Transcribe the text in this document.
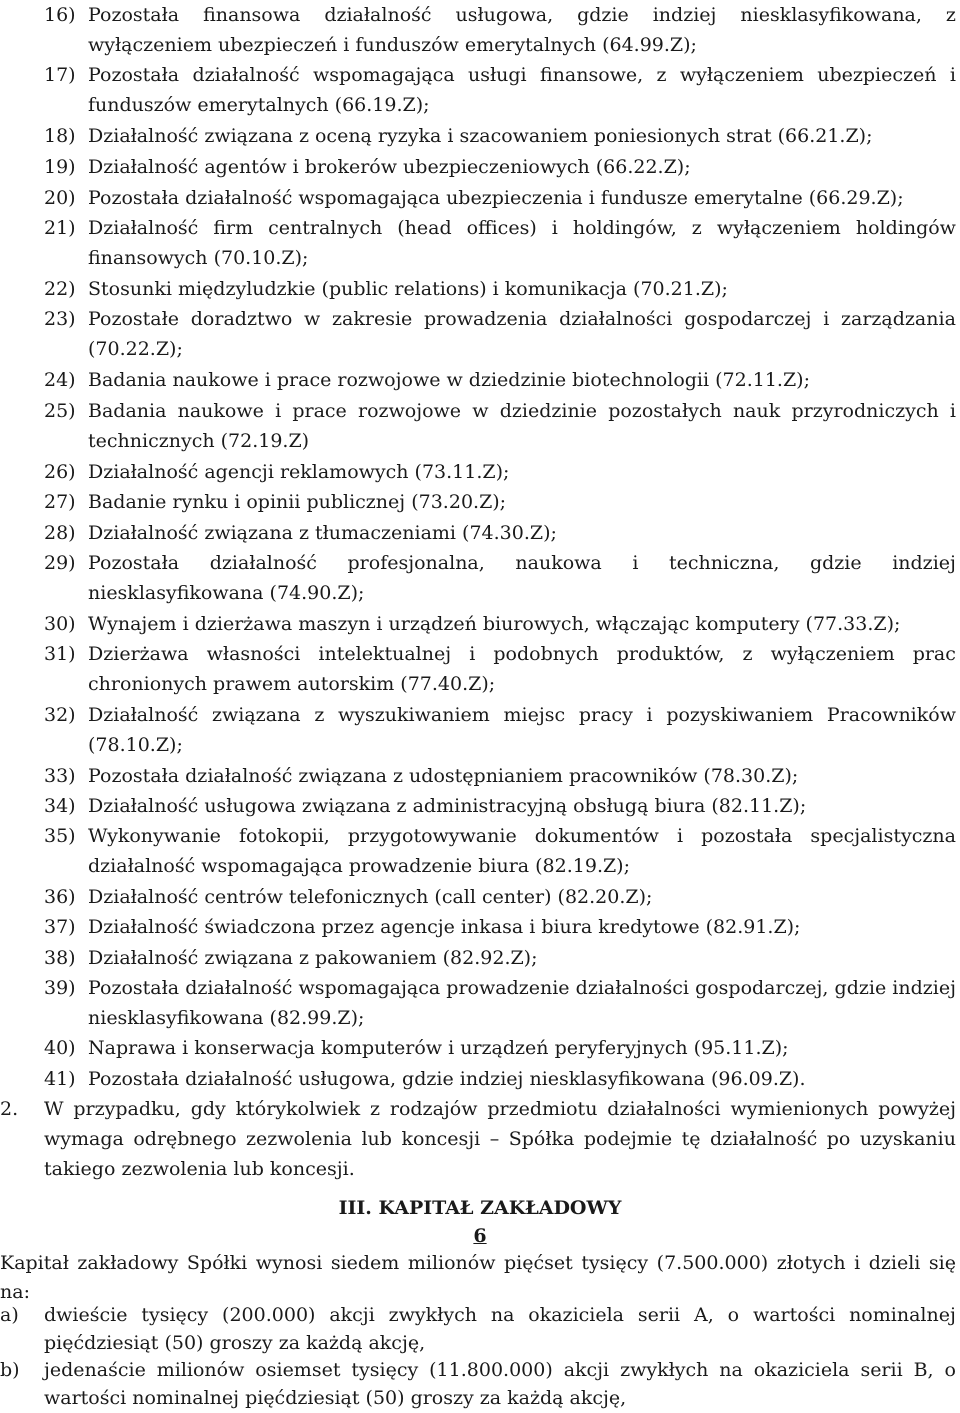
16) Pozostała finansowa działalność usługowa, gdzie indziej niesklasyfikowana, z
wyłączeniem ubezpieczeń i funduszów emerytalnych (64.99.Z);
17) Pozostała działalność wspomagająca usługi finansowe, z wyłączeniem ubezpieczeń i
funduszów emerytalnych (66.19.Z);
18) Działalność związana z oceną ryzyka i szacowaniem poniesionych strat (66.21.Z);
19) Działalność agentów i brokerów ubezpieczeniowych (66.22.Z);
20) Pozostała działalność wspomagająca ubezpieczenia i fundusze emerytalne (66.29.Z);
21) Działalność firm centralnych (head offices) i holdingów, z wyłączeniem holdingów
finansowych (70.10.Z);
22) Stosunki międzyludzkie (public relations) i komunikacja (70.21.Z);
23) Pozostałe doradztwo w zakresie prowadzenia działalności gospodarczej i zarządzania
(70.22.Z);
24) Badania naukowe i prace rozwojowe w dziedzinie biotechnologii (72.11.Z);
25) Badania naukowe i prace rozwojowe w dziedzinie pozostałych nauk przyrodniczych i
technicznych (72.19.Z)
26) Działalność agencji reklamowych (73.11.Z);
27) Badanie rynku i opinii publicznej (73.20.Z);
28) Działalność związana z tłumaczeniami (74.30.Z);
29) Pozostała działalność profesjonalna, naukowa i techniczna, gdzie indziej
niesklasyfikowana (74.90.Z);
30) Wynajem i dzierżawa maszyn i urządzeń biurowych, włączając komputery (77.33.Z);
31) Dzierżawa własności intelektualnej i podobnych produktów, z wyłączeniem prac
chronionych prawem autorskim (77.40.Z);
32) Działalność związana z wyszukiwaniem miejsc pracy i pozyskiwaniem Pracowników
(78.10.Z);
33) Pozostała działalność związana z udostępnianiem pracowników (78.30.Z);
34) Działalność usługowa związana z administracyjną obsługą biura (82.11.Z);
35) Wykonywanie fotokopii, przygotowywanie dokumentów i pozostała specjalistyczna
działalność wspomagająca prowadzenie biura (82.19.Z);
36) Działalność centrów telefonicznych (call center) (82.20.Z);
37) Działalność świadczona przez agencje inkasa i biura kredytowe (82.91.Z);
38) Działalność związana z pakowaniem (82.92.Z);
39) Pozostała działalność wspomagająca prowadzenie działalności gospodarczej, gdzie indziej
niesklasyfikowana (82.99.Z);
40) Naprawa i konserwacja komputerów i urządzeń peryferyjnych (95.11.Z);
41) Pozostała działalność usługowa, gdzie indziej niesklasyfikowana (96.09.Z).
2. W przypadku, gdy którykolwiek z rodzajów przedmiotu działalności wymienionych powyżej
wymaga odrębnego zezwolenia lub koncesji – Spółka podejmie tę działalność po uzyskaniu
takiego zezwolenia lub koncesji.
III. KAPITAŁ ZAKŁADOWY
6
Kapitał zakładowy Spółki wynosi siedem milionów pięćset tysięcy (7.500.000) złotych i dzieli się
na:
a) dwieście tysięcy (200.000) akcji zwykłych na okaziciela serii A, o wartości nominalnej
pięćdziesiąt (50) groszy za każdą akcję,
b) jedenaście milionów osiemset tysięcy (11.800.000) akcji zwykłych na okaziciela serii B, o
wartości nominalnej pięćdziesiąt (50) groszy za każdą akcję,
